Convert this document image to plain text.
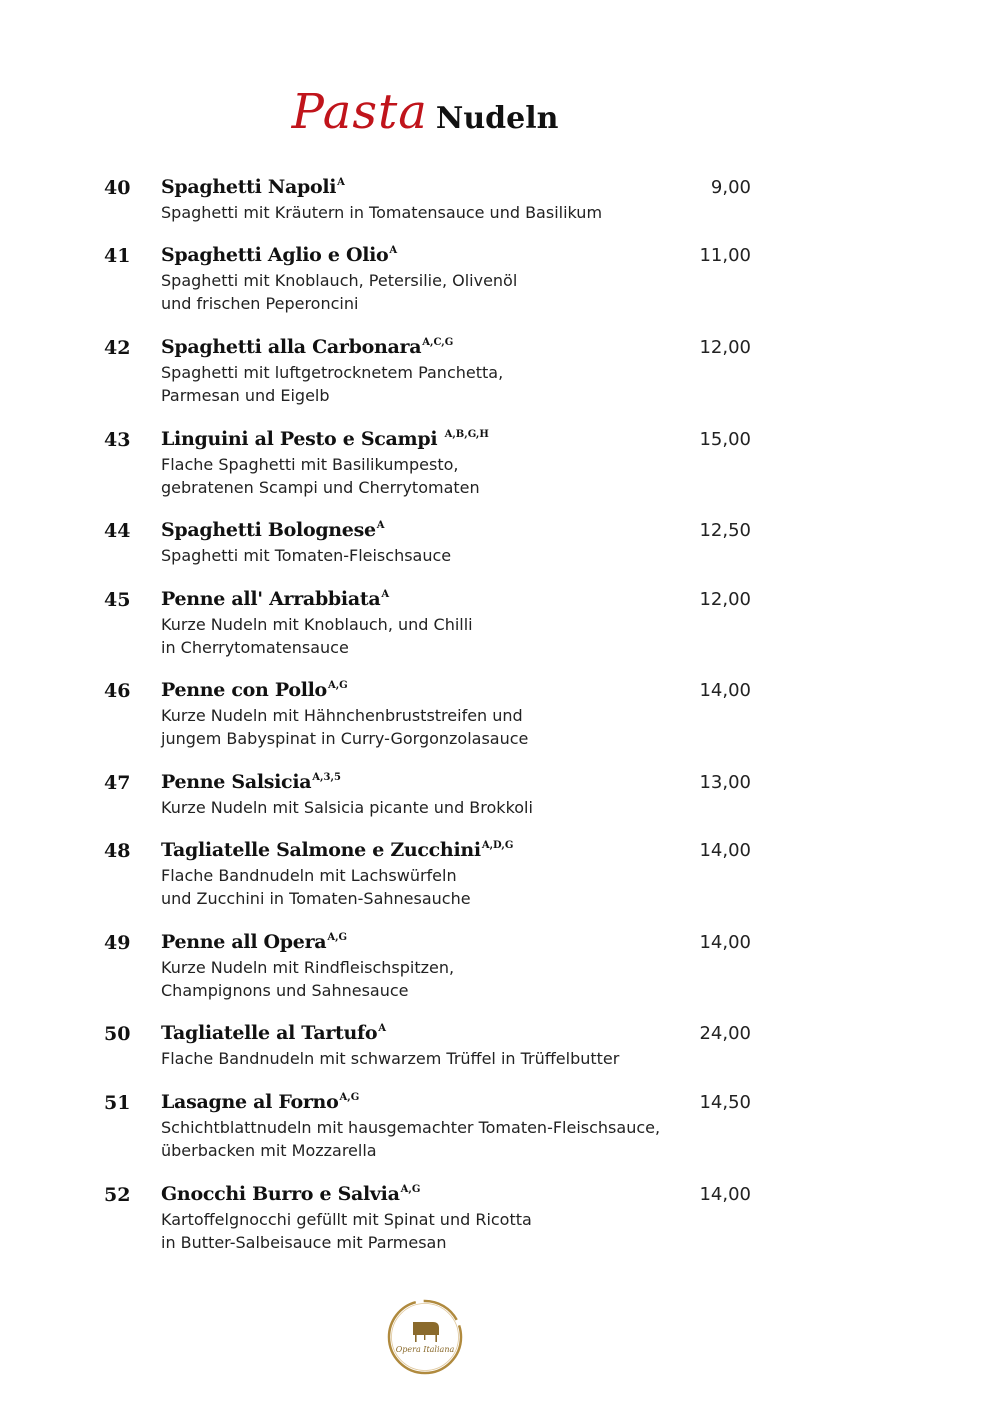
Pasta Nudeln
40 Spaghetti Napoli$^A$	9,00
Spaghetti mit Kräutern in Tomatensauce und Basilikum
41 Spaghetti Aglio e Olio$^A$	11,00
Spaghetti mit Knoblauch, Petersilie, Olivenöl
und frischen Peperoncini
42 Spaghetti alla Carbonara$^{A,C,G}$	12,00
Spaghetti mit luftgetrocknetem Panchetta,
Parmesan und Eigelb
43 Linguini al Pesto e Scampi $^{A,B,G,H}$	15,00
Flache Spaghetti mit Basilikumpesto,
gebratenen Scampi und Cherrytomaten
44 Spaghetti Bolognese$^A$	12,50
Spaghetti mit Tomaten-Fleischsauce
45 Penne all' Arrabbiata$^A$	12,00
Kurze Nudeln mit Knoblauch, und Chilli
in Cherrytomatensauce
46 Penne con Pollo$^{A,G}$	14,00
Kurze Nudeln mit Hähnchenbruststreifen und
jungem Babyspinat in Curry-Gorgonzolasauce
47 Penne Salsicia$^{A,3,5}$	13,00
Kurze Nudeln mit Salsicia picante und Brokkoli
48 Tagliatelle Salmone e Zucchini$^{A,D,G}$	14,00
Flache Bandnudeln mit Lachswürfeln
und Zucchini in Tomaten-Sahnesauche
49 Penne all Opera$^{A,G}$	14,00
Kurze Nudeln mit Rindfleischspitzen,
Champignons und Sahnesauce
50 Tagliatelle al Tartufo$^A$	24,00
Flache Bandnudeln mit schwarzem Trüffel in Trüffelbutter
51 Lasagne al Forno$^{A,G}$	14,50
Schichtblattnudeln mit hausgemachter Tomaten-Fleischsauce,
überbacken mit Mozzarella
52 Gnocchi Burro e Salvia$^{A,G}$	14,00
Kartoffelgnocchi gefüllt mit Spinat und Ricotta
in Butter-Salbeisauce mit Parmesan
Opera Italiana
